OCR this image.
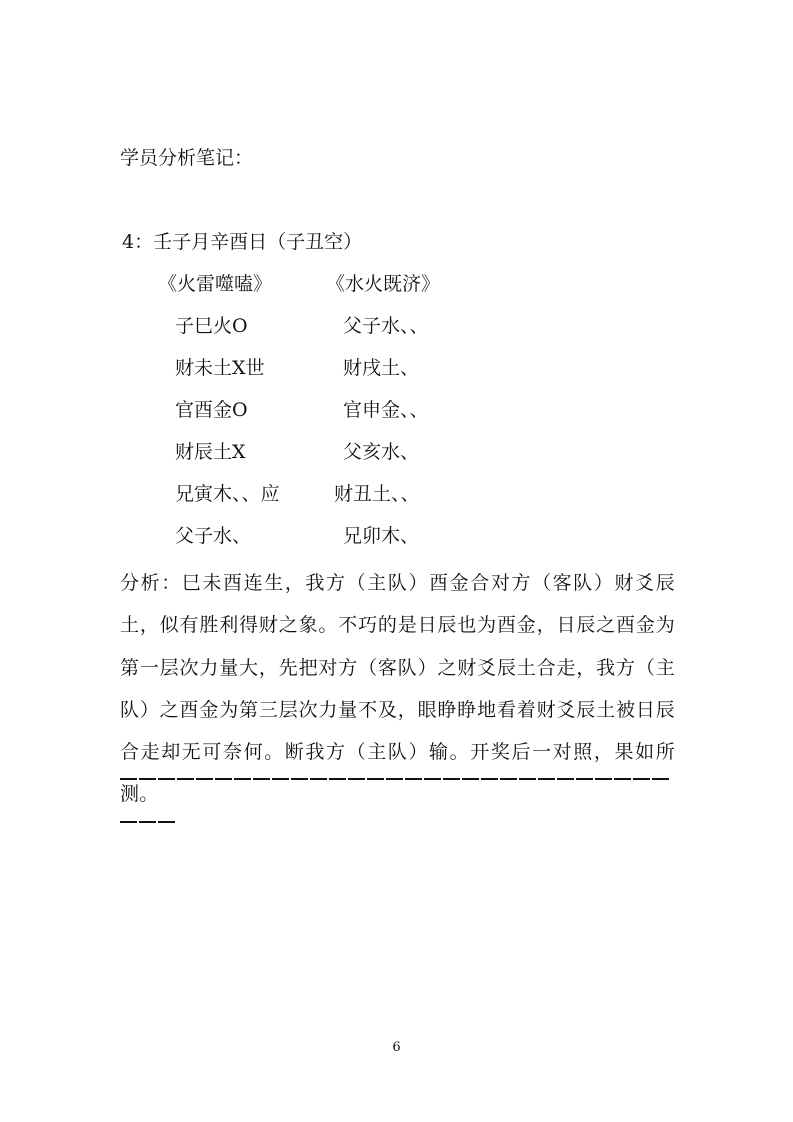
学员分析笔记：
4：壬子月辛酉日（子丑空）
《火雷噬嗑》
子巳火O
财未土X世
官酉金O
财辰土X
兄寅木、、应
父子水、
《水火既济》
父子水、、
财戌土、
官申金、、
父亥水、
财丑土、、
兄卯木、
分析：巳未酉连生，我方（主队）酉金合对方（客队）财爻辰土，似有胜利得财之象。不巧的是日辰也为酉金，日辰之酉金为第一层次力量大，先把对方（客队）之财爻辰土合走，我方（主队）之酉金为第三层次力量不及，眼睁睁地看着财爻辰土被日辰合走却无可奈何。断我方（主队）输。开奖后一对照，果如所测。
6
